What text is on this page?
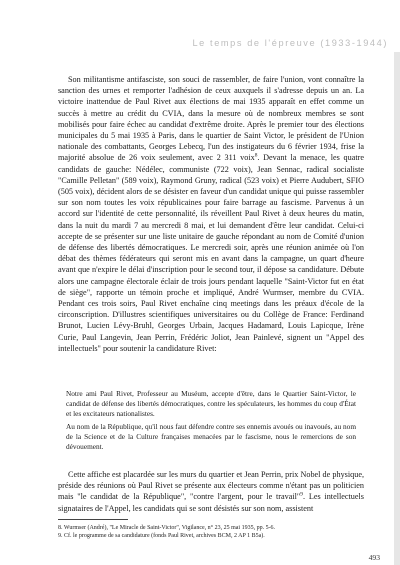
Le temps de l'épreuve (1933-1944)

Son militantisme antifasciste, son souci de rassembler, de faire l'union, vont connaître la sanction des urnes et remporter l'adhésion de ceux auxquels il s'adresse depuis un an. La victoire inattendue de Paul Rivet aux élections de mai 1935 apparaît en effet comme un succès à mettre au crédit du CVIA, dans la mesure où de nombreux membres se sont mobilisés pour faire échec au candidat d'extrême droite. Après le premier tour des élections municipales du 5 mai 1935 à Paris, dans le quartier de Saint Victor, le président de l'Union nationale des combattants, Georges Lebecq, l'un des instigateurs du 6 février 1934, frise la majorité absolue de 26 voix seulement, avec 2 311 voix$^8$. Devant la menace, les quatre candidats de gauche: Nédélec, communiste (722 voix), Jean Sennac, radical socialiste "Camille Pelletan" (589 voix), Raymond Gruny, radical (523 voix) et Pierre Audubert, SFIO (505 voix), décident alors de se désister en faveur d'un candidat unique qui puisse rassembler sur son nom toutes les voix républicaines pour faire barrage au fascisme. Parvenus à un accord sur l'identité de cette personnalité, ils réveillent Paul Rivet à deux heures du matin, dans la nuit du mardi 7 au mercredi 8 mai, et lui demandent d'être leur candidat. Celui-ci accepte de se présenter sur une liste unitaire de gauche répondant au nom de Comité d'union de défense des libertés démocratiques. Le mercredi soir, après une réunion animée où l'on débat des thèmes fédérateurs qui seront mis en avant dans la campagne, un quart d'heure avant que n'expire le délai d'inscription pour le second tour, il dépose sa candidature. Débute alors une campagne électorale éclair de trois jours pendant laquelle "Saint-Victor fut en état de siège", rapporte un témoin proche et impliqué, André Wurmser, membre du CVIA. Pendant ces trois soirs, Paul Rivet enchaîne cinq meetings dans les préaux d'école de la circonscription. D'illustres scientifiques universitaires ou du Collège de France: Ferdinand Brunot, Lucien Lévy-Bruhl, Georges Urbain, Jacques Hadamard, Louis Lapicque, Irène Curie, Paul Langevin, Jean Perrin, Frédéric Joliot, Jean Painlevé, signent un "Appel des intellectuels" pour soutenir la candidature Rivet:

Notre ami Paul Rivet, Professeur au Muséum, accepte d'être, dans le Quartier Saint-Victor, le candidat de défense des libertés démocratiques, contre les spéculateurs, les hommes du coup d'État et les excitateurs nationalistes.

Au nom de la République, qu'il nous faut défendre contre ses ennemis avoués ou inavoués, au nom de la Science et de la Culture françaises menacées par le fascisme, nous le remercions de son dévouement.

Cette affiche est placardée sur les murs du quartier et Jean Perrin, prix Nobel de physique, préside des réunions où Paul Rivet se présente aux électeurs comme n'étant pas un politicien mais "le candidat de la République", "contre l'argent, pour le travail"$^9$. Les intellectuels signataires de l'Appel, les candidats qui se sont désistés sur son nom, assistent

8. Wurmser (André), "Le Miracle de Saint-Victor", Vigilance, n° 23, 25 mai 1935, pp. 5-6.
9. Cf. le programme de sa candidature (fonds Paul Rivet, archives BCM, 2 AP 1 B5a).
493
